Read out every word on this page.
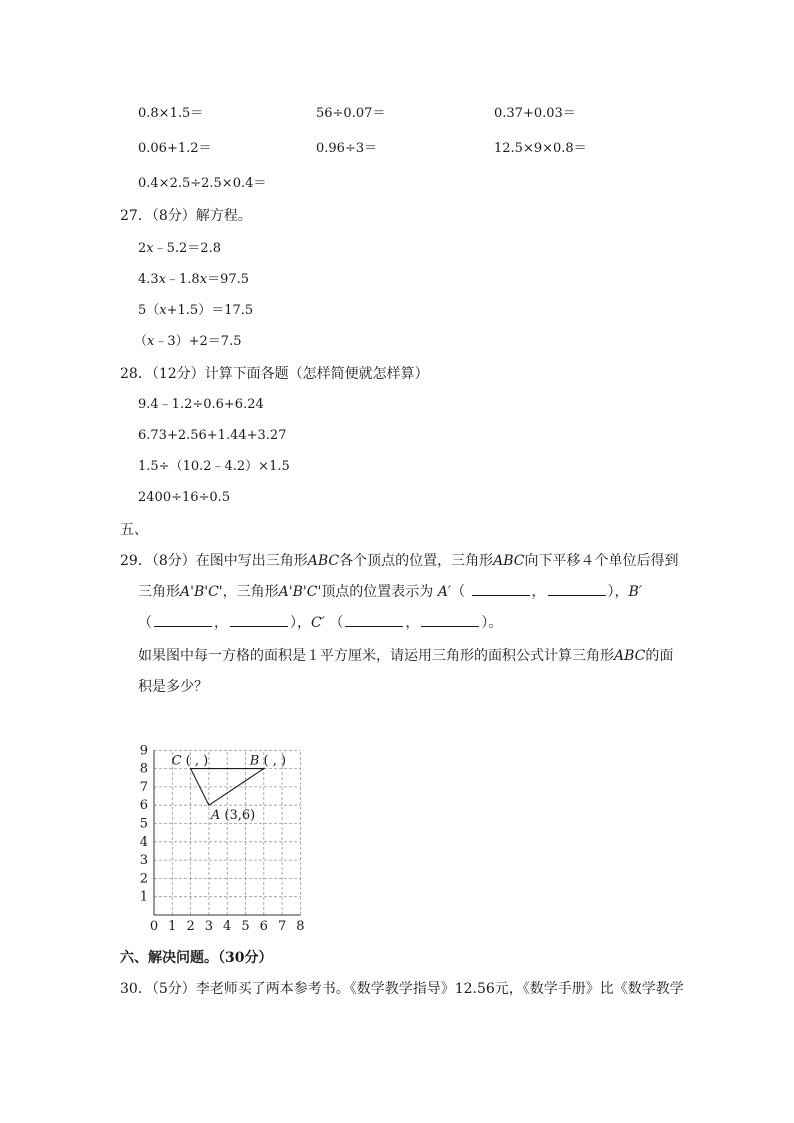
0.8×1.5＝	56÷0.07＝	0.37+0.03＝
0.06+1.2＝	0.96÷3＝	12.5×9×0.8＝
0.4×2.5÷2.5×0.4＝
27．（8分）解方程。
2x﹣5.2＝2.8
4.3x﹣1.8x＝97.5
5（x+1.5）＝17.5
（x﹣3）+2＝7.5
28．（12分）计算下面各题（怎样简便就怎样算）
9.4﹣1.2÷0.6+6.24
6.73+2.56+1.44+3.27
1.5÷（10.2﹣4.2）×1.5
2400÷16÷0.5
五、
29．（8分）在图中写出三角形ABC各个顶点的位置，三角形ABC向下平移４个单位后得到
三角形A'B'C'，三角形A'B'C'顶点的位置表示为 A′（	，	），B′
（	，	），C′ （	，	）。
如果图中每一方格的面积是１平方厘米，请运用三角形的面积公式计算三角形ABC的面
积是多少？
0 1 2 3 4 5 6 7 8
1
2
3
4
5
6
7
8
9
C ( , )	B ( , )
A (3,6)
六、解决问题。（30分）
30．（5分）李老师买了两本参考书。《数学教学指导》12.56元，《数学手册》比《数学教学
